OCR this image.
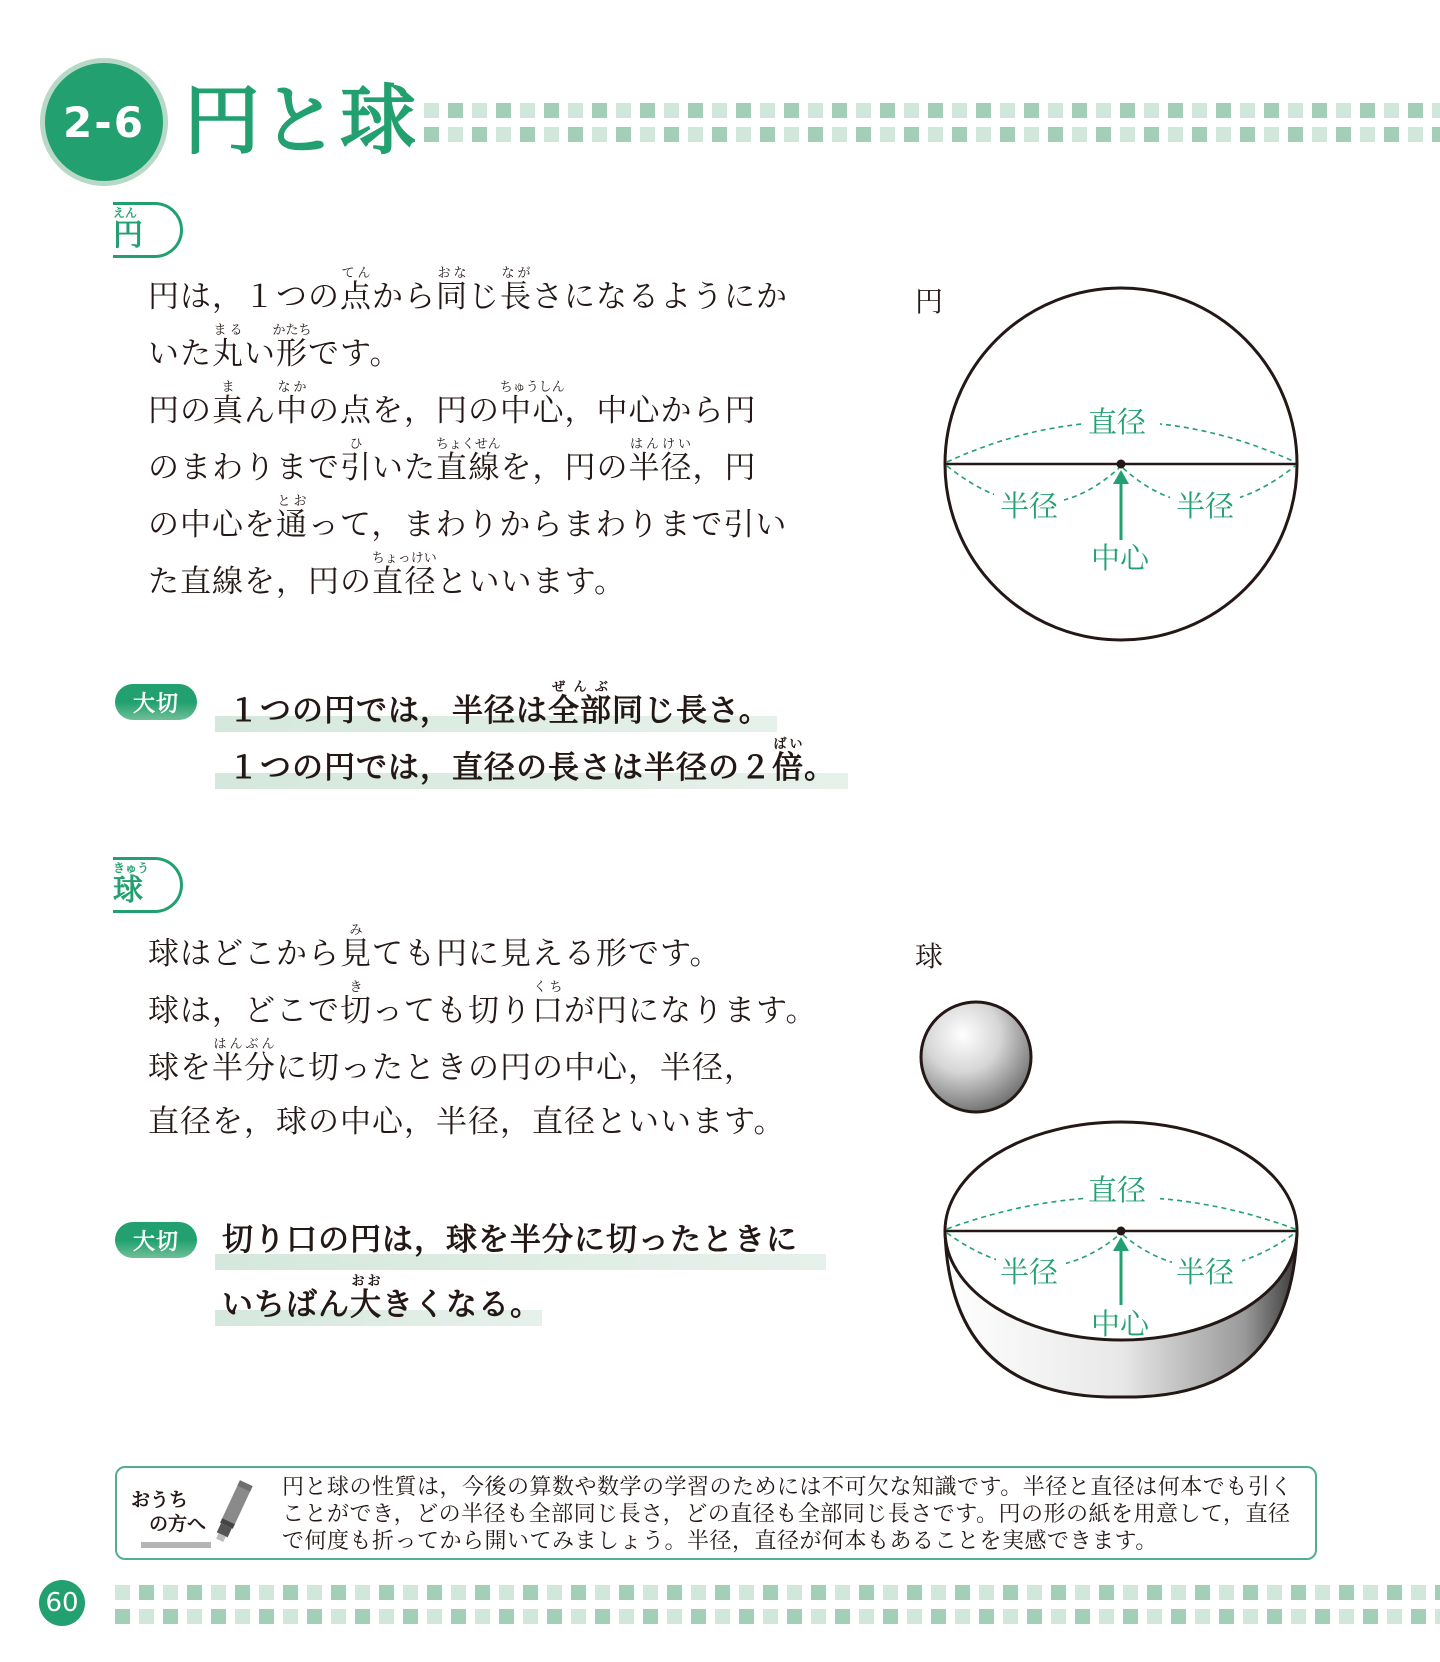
2-6 円と球
えん
円
円は，１つの点てんから同おなじ長ながさになるようにか
いた丸まるい形かたちです。
円の真まん中なかの点を，円の中心ちゅうしん，中心から円
のまわりまで引ひいた直線ちょくせんを，円の半径はんけい，円
の中心を通とおって，まわりからまわりまで引い
た直線を，円の直径ちょっけいといいます。
大切 １つの円では，半径は全部ぜんぶ同じ長さ。
１つの円では，直径の長さは半径の２倍ばい。
円
直径
半径	半径
中心
きゅう
球
球はどこから見みても円に見える形です。
球は，どこで切きっても切り口くちが円になります。
球を半分はんぶんに切ったときの円の中心，半径，
直径を，球の中心，半径，直径といいます。
大切 切り口の円は，球を半分に切ったときに
いちばん大おおきくなる。
球
直径
半径	半径
中心
おうち
の方へ
円と球の性質は，今後の算数や数学の学習のためには不可欠な知識です。半径と直径は何本でも引くことができ，どの半径も全部同じ長さ，どの直径も全部同じ長さです。円の形の紙を用意して，直径で何度も折ってから開いてみましょう。半径，直径が何本もあることを実感できます。
60
